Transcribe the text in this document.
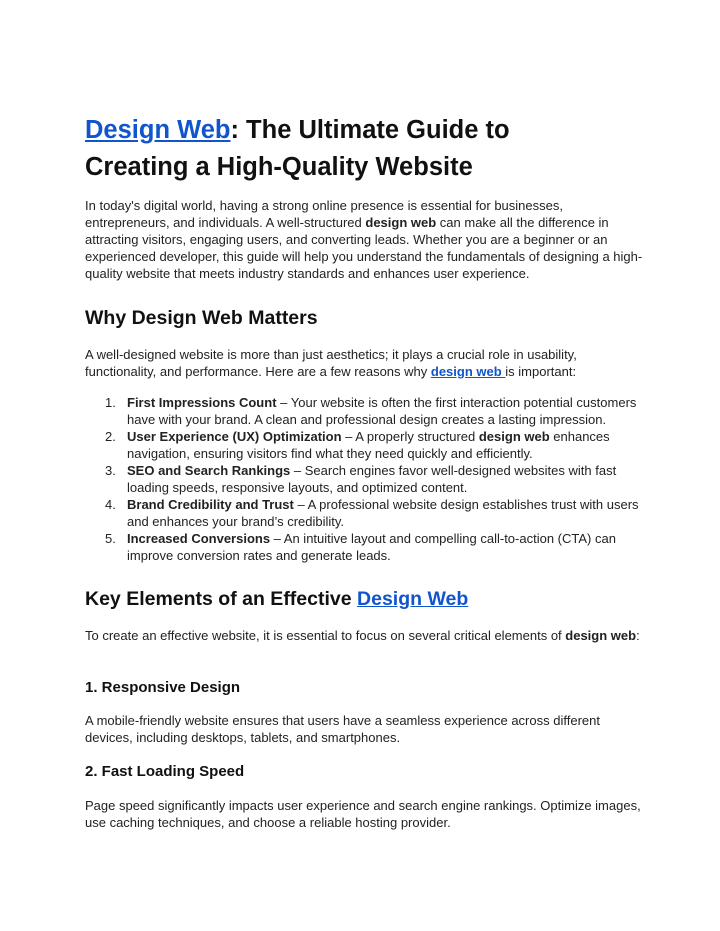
Design Web: The Ultimate Guide to
Creating a High-Quality Website

In today's digital world, having a strong online presence is essential for businesses, entrepreneurs, and individuals. A well-structured design web can make all the difference in attracting visitors, engaging users, and converting leads. Whether you are a beginner or an experienced developer, this guide will help you understand the fundamentals of designing a high-quality website that meets industry standards and enhances user experience.

Why Design Web Matters

A well-designed website is more than just aesthetics; it plays a crucial role in usability, functionality, and performance. Here are a few reasons why design web is important:

1. First Impressions Count – Your website is often the first interaction potential customers have with your brand. A clean and professional design creates a lasting impression.
2. User Experience (UX) Optimization – A properly structured design web enhances navigation, ensuring visitors find what they need quickly and efficiently.
3. SEO and Search Rankings – Search engines favor well-designed websites with fast loading speeds, responsive layouts, and optimized content.
4. Brand Credibility and Trust – A professional website design establishes trust with users and enhances your brand’s credibility.
5. Increased Conversions – An intuitive layout and compelling call-to-action (CTA) can improve conversion rates and generate leads.
Key Elements of an Effective Design Web

To create an effective website, it is essential to focus on several critical elements of design web:

1. Responsive Design

A mobile-friendly website ensures that users have a seamless experience across different devices, including desktops, tablets, and smartphones.

2. Fast Loading Speed

Page speed significantly impacts user experience and search engine rankings. Optimize images, use caching techniques, and choose a reliable hosting provider.
